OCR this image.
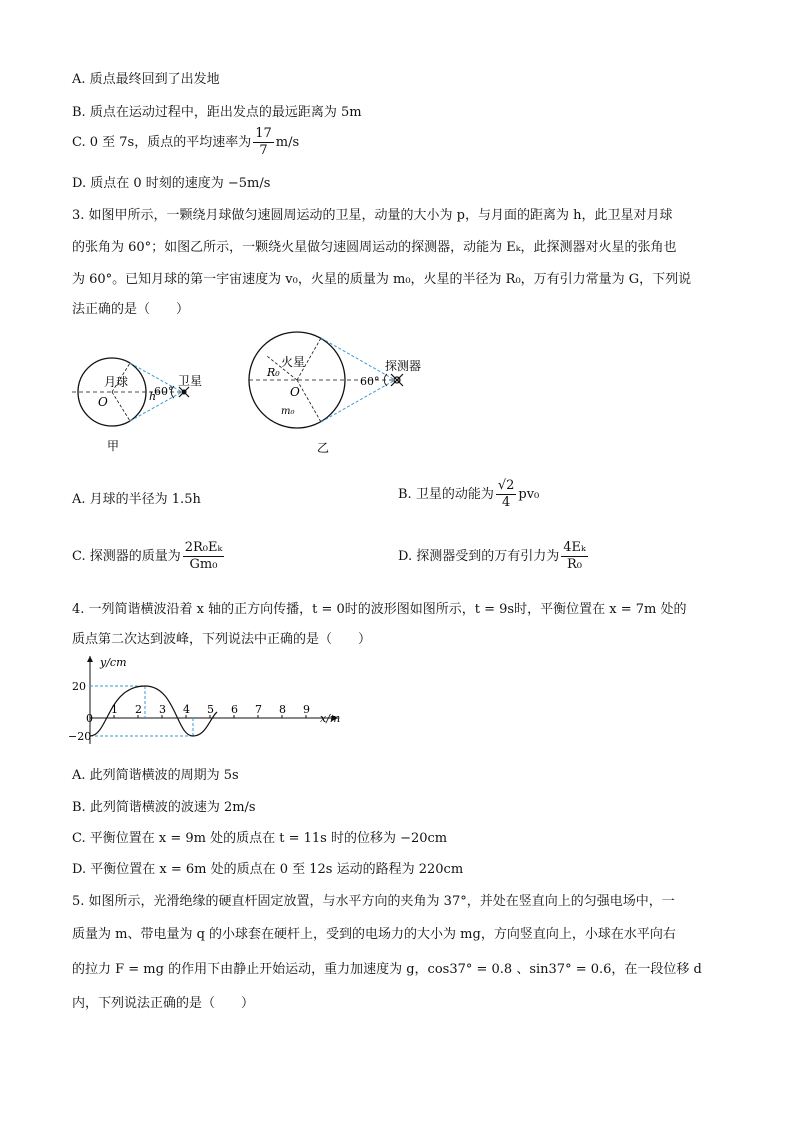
A. 质点最终回到了出发地
B. 质点在运动过程中，距出发点的最远距离为 5m
C. 0 至 7s，质点的平均速率为 $\frac{17}{7} m/s$
D. 质点在 0 时刻的速度为 −5m/s
3. 如图甲所示，一颗绕月球做匀速圆周运动的卫星，动量的大小为 p，与月面的距离为 h，此卫星对月球
的张角为 60°；如图乙所示，一颗绕火星做匀速圆周运动的探测器，动能为 Eₖ，此探测器对火星的张角也
为 60°。已知月球的第一宇宙速度为 v₀，火星的质量为 m₀，火星的半径为 R₀，万有引力常量为 G，下列说
法正确的是（　　）
月球
O	h
60°
卫星
甲
火星
R₀
O
m₀
60°
探测器
乙
A. 月球的半径为 1.5h	B. 卫星的动能为 $\frac{√2}{4} pv_0$
C. 探测器的质量为 $\frac{\text{2R₀Eₖ}}{\text{Gm₀}}$	D. 探测器受到的万有引力为 $\frac{\text{4Eₖ}}{\text{R₀}}$
4. 一列简谐横波沿着 x 轴的正方向传播，t = 0时的波形图如图所示，t = 9s时，平衡位置在 x = 7m 处的
质点第二次达到波峰，下列说法中正确的是（　　）
y/cm
x/m
0
20
−20
1 2 3 4 5 6 7 8 9
A. 此列简谐横波的周期为 5s
B. 此列简谐横波的波速为 2m/s
C. 平衡位置在 x = 9m 处的质点在 t = 11s 时的位移为 −20cm
D. 平衡位置在 x = 6m 处的质点在 0 至 12s 运动的路程为 220cm
5. 如图所示，光滑绝缘的硬直杆固定放置，与水平方向的夹角为 37°，并处在竖直向上的匀强电场中，一
质量为 m、带电量为 q 的小球套在硬杆上，受到的电场力的大小为 mg，方向竖直向上，小球在水平向右
的拉力 F = mg 的作用下由静止开始运动，重力加速度为 g，cos37° = 0.8 、sin37° = 0.6，在一段位移 d
内，下列说法正确的是（　　）
